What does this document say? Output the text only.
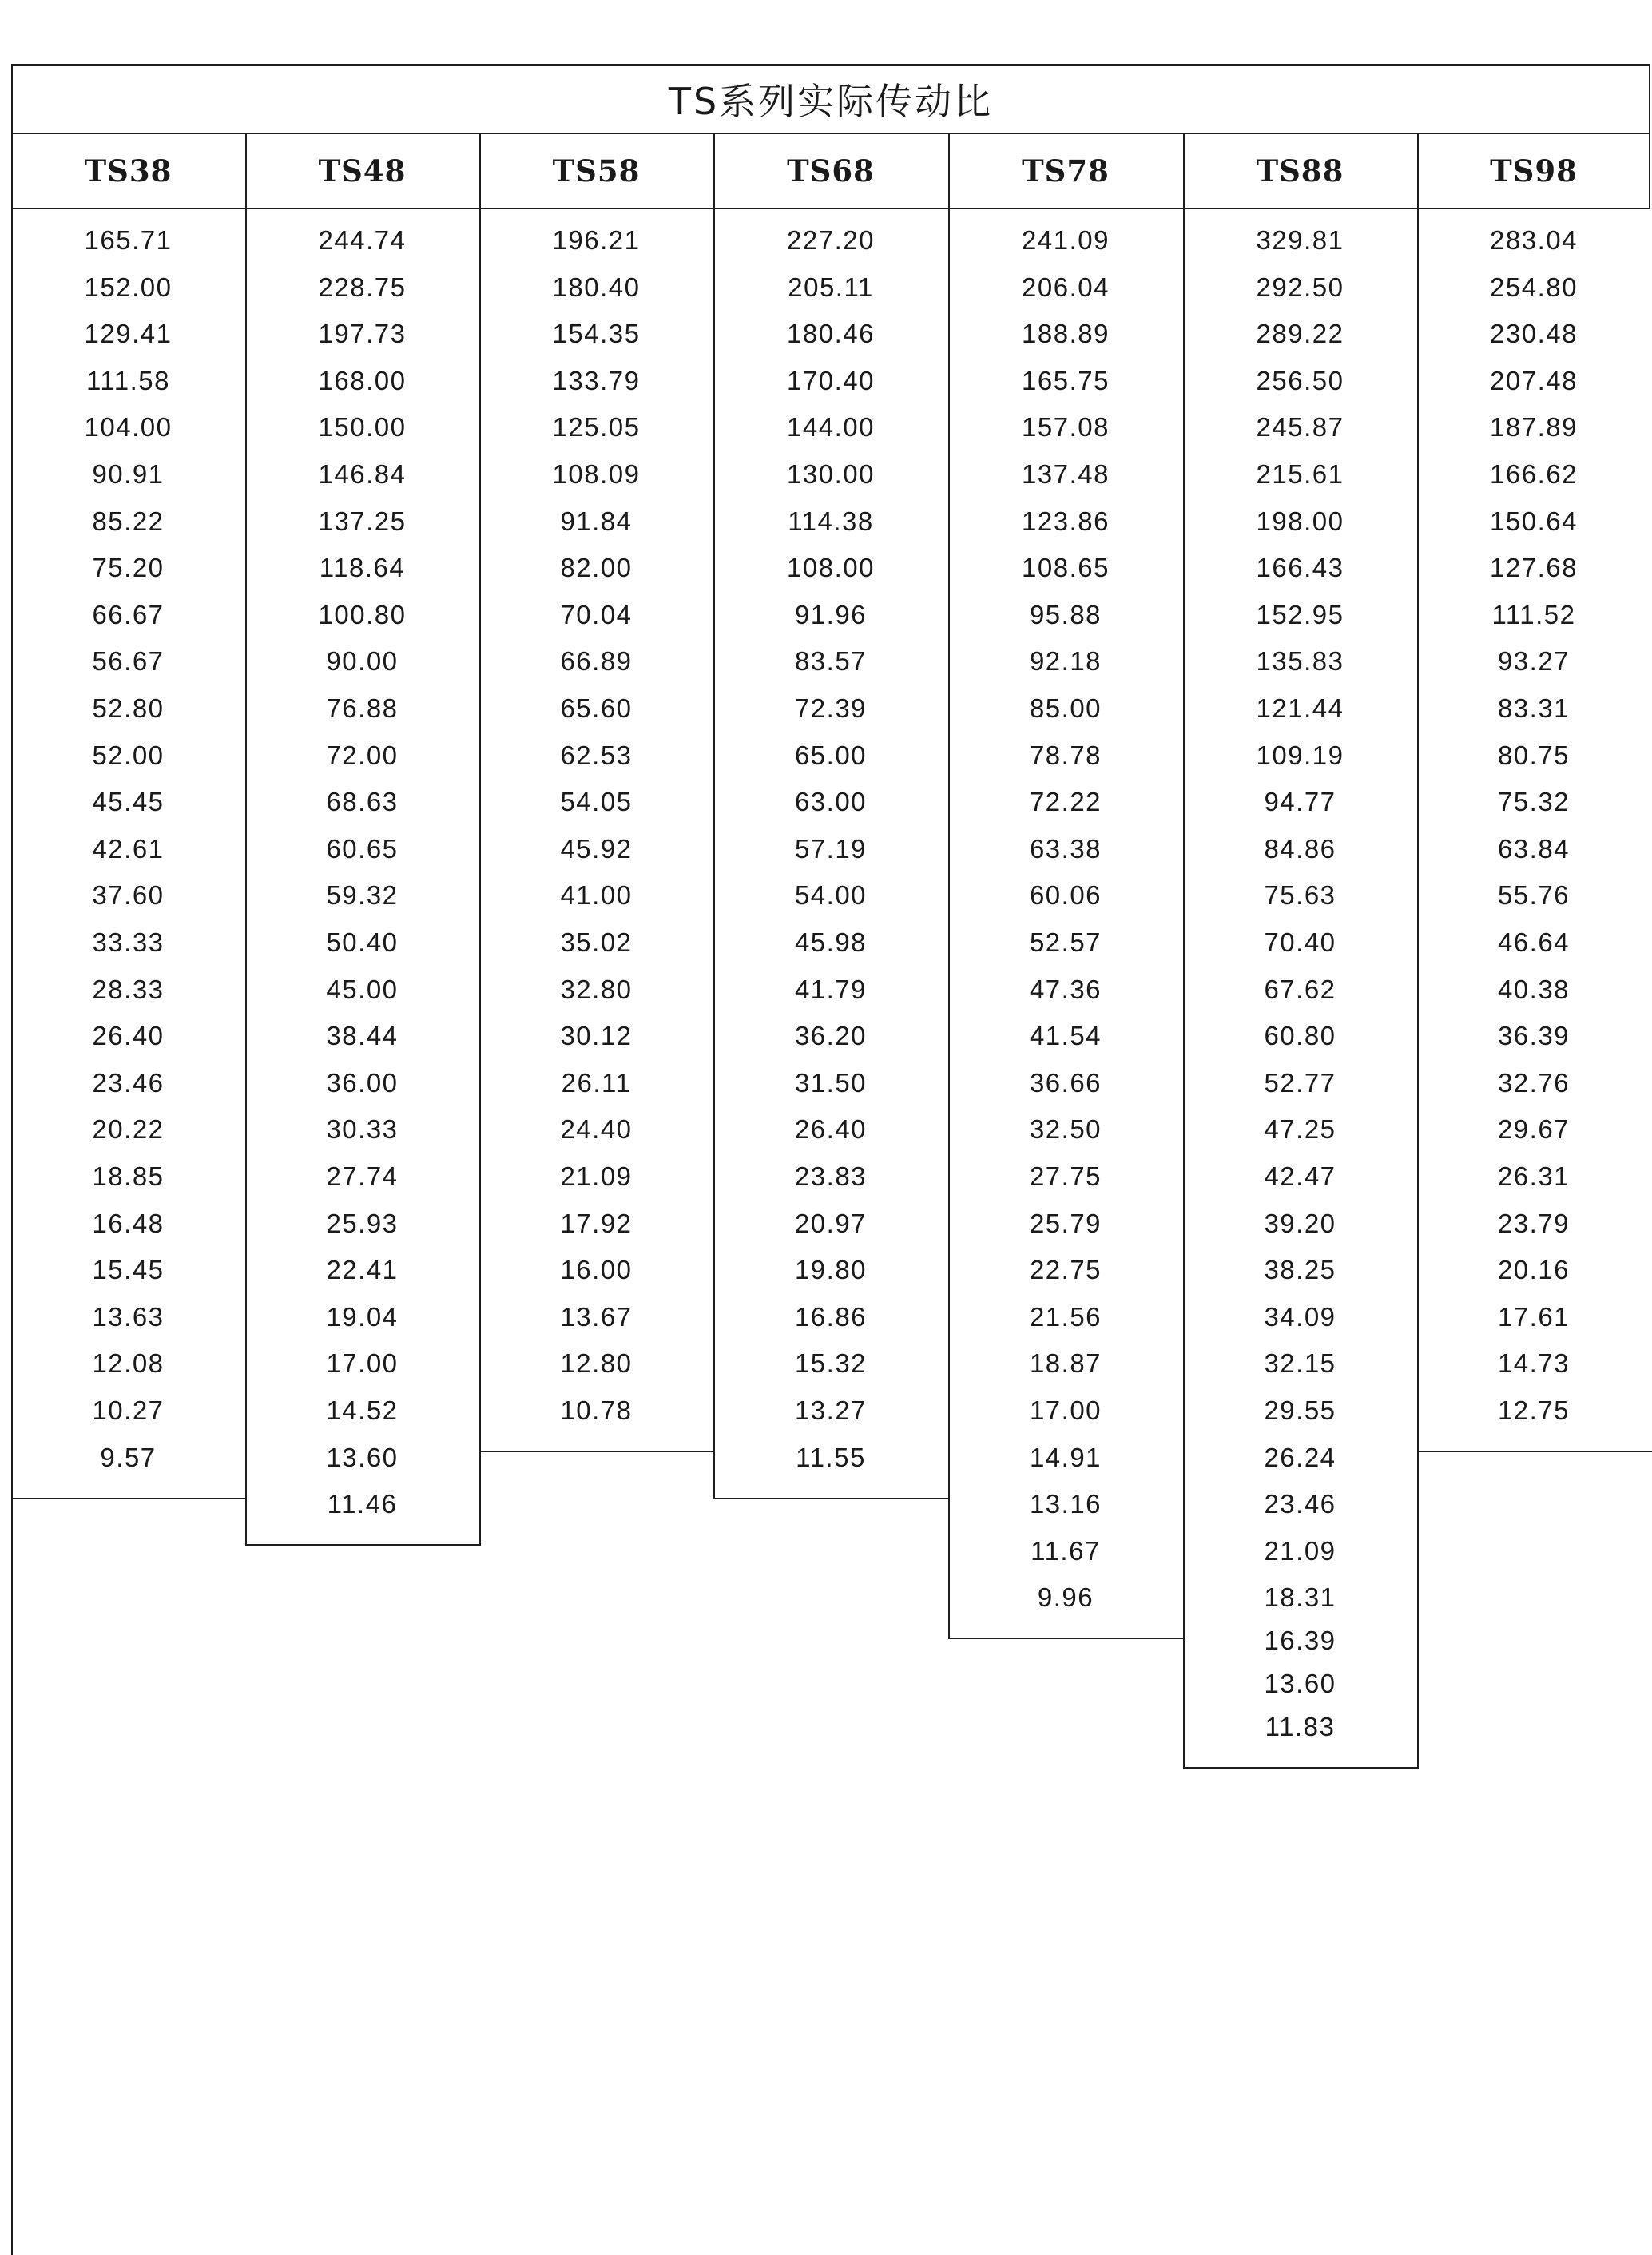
TS系列实际传动比
TS38
165.71
152.00
129.41
111.58
104.00
90.91
85.22
75.20
66.67
56.67
52.80
52.00
45.45
42.61
37.60
33.33
28.33
26.40
23.46
20.22
18.85
16.48
15.45
13.63
12.08
10.27
9.57
TS48
244.74
228.75
197.73
168.00
150.00
146.84
137.25
118.64
100.80
90.00
76.88
72.00
68.63
60.65
59.32
50.40
45.00
38.44
36.00
30.33
27.74
25.93
22.41
19.04
17.00
14.52
13.60
11.46
TS58
196.21
180.40
154.35
133.79
125.05
108.09
91.84
82.00
70.04
66.89
65.60
62.53
54.05
45.92
41.00
35.02
32.80
30.12
26.11
24.40
21.09
17.92
16.00
13.67
12.80
10.78
TS68
227.20
205.11
180.46
170.40
144.00
130.00
114.38
108.00
91.96
83.57
72.39
65.00
63.00
57.19
54.00
45.98
41.79
36.20
31.50
26.40
23.83
20.97
19.80
16.86
15.32
13.27
11.55
TS78
241.09
206.04
188.89
165.75
157.08
137.48
123.86
108.65
95.88
92.18
85.00
78.78
72.22
63.38
60.06
52.57
47.36
41.54
36.66
32.50
27.75
25.79
22.75
21.56
18.87
17.00
14.91
13.16
11.67
9.96
TS88
329.81
292.50
289.22
256.50
245.87
215.61
198.00
166.43
152.95
135.83
121.44
109.19
94.77
84.86
75.63
70.40
67.62
60.80
52.77
47.25
42.47
39.20
38.25
34.09
32.15
29.55
26.24
23.46
21.09
18.31
16.39
13.60
11.83
TS98
283.04
254.80
230.48
207.48
187.89
166.62
150.64
127.68
111.52
93.27
83.31
80.75
75.32
63.84
55.76
46.64
40.38
36.39
32.76
29.67
26.31
23.79
20.16
17.61
14.73
12.75
